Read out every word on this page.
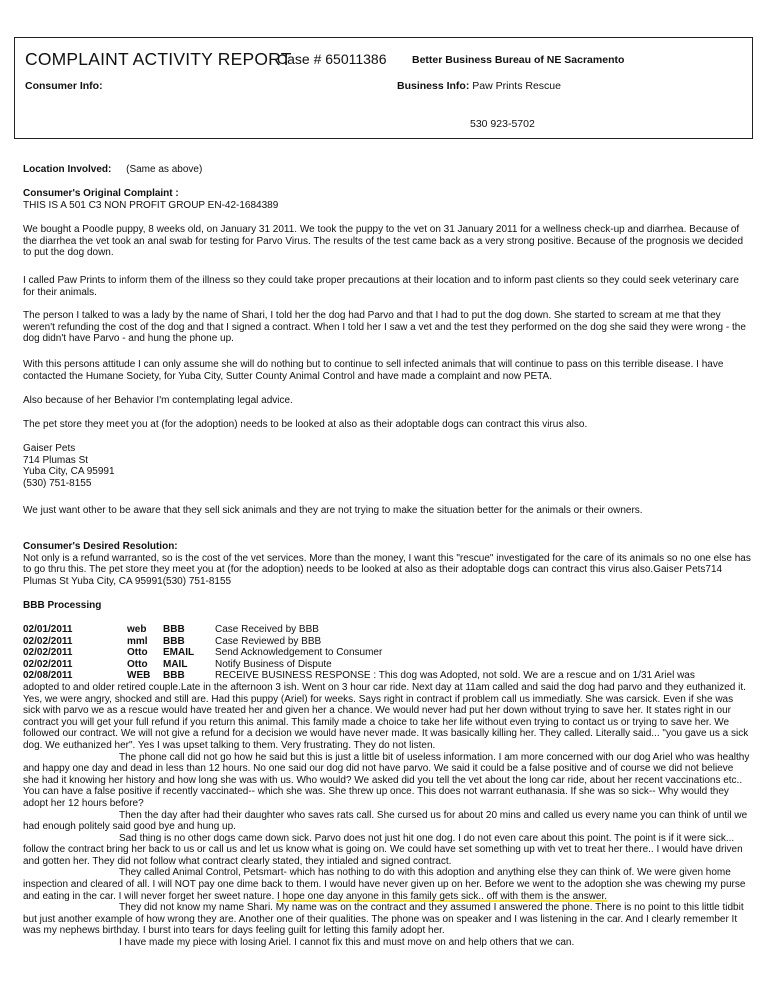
COMPLAINT ACTIVITY REPORT
Case # 65011386 Better Business Bureau of NE Sacramento
Consumer Info:	Business Info: Paw Prints Rescue
530 923-5702
Location Involved: (Same as above)

Consumer's Original Complaint :

THIS IS A 501 C3 NON PROFIT GROUP EN-42-1684389

We bought a Poodle puppy, 8 weeks old, on January 31 2011. We took the puppy to the vet on 31 January 2011 for a wellness check-up and diarrhea. Because of the diarrhea the vet took an anal swab for testing for Parvo Virus. The results of the test came back as a very strong positive. Because of the prognosis we decided to put the dog down.
I called Paw Prints to inform them of the illness so they could take proper precautions at their location and to inform past clients so they could seek veterinary care for their animals.
The person I talked to was a lady by the name of Shari, I told her the dog had Parvo and that I had to put the dog down. She started to scream at me that they weren't refunding the cost of the dog and that I signed a contract. When I told her I saw a vet and the test they performed on the dog she said they were wrong - the dog didn't have Parvo - and hung the phone up.
With this persons attitude I can only assume she will do nothing but to continue to sell infected animals that will continue to pass on this terrible disease. I have contacted the Humane Society, for Yuba City, Sutter County Animal Control and have made a complaint and now PETA.
Also because of her Behavior I'm contemplating legal advice.
The pet store they meet you at (for the adoption) needs to be looked at also as their adoptable dogs can contract this virus also.

Gaiser Pets

714 Plumas St

Yuba City, CA 95991

(530) 751-8155

We just want other to be aware that they sell sick animals and they are not trying to make the situation better for the animals or their owners.

Consumer's Desired Resolution:

Not only is a refund warranted, so is the cost of the vet services. More than the money, I want this "rescue" investigated for the care of its animals so no one else has to go thru this. The pet store they meet you at (for the adoption) needs to be looked at also as their adoptable dogs can contract this virus also.Gaiser Pets714 Plumas St Yuba City, CA 95991(530) 751-8155

BBB Processing
02/01/2011	web	BBB	Case Received by BBB
02/02/2011	mml	BBB	Case Reviewed by BBB
02/02/2011	Otto	EMAIL	Send Acknowledgement to Consumer
02/02/2011	Otto	MAIL	Notify Business of Dispute
02/08/2011	WEB	BBB	RECEIVE BUSINESS RESPONSE : This dog was Adopted, not sold. We are a rescue and on 1/31 Ariel was

adopted to and older retired couple.Late in the afternoon 3 ish. Went on 3 hour car ride. Next day at 11am called and said the dog had parvo and they euthanized it. Yes, we were angry, shocked and still are. Had this puppy (Ariel) for weeks. Says right in contract if problem call us immediatly. She was carsick. Even if she was sick with parvo we as a rescue would have treated her and given her a chance. We would never had put her down without trying to save her. It states right in our contract you will get your full refund if you return this animal. This family made a choice to take her life without even trying to contact us or trying to save her. We followed our contract. We will not give a refund for a decision we would have never made. It was basically killing her. They called. Literally said... "you gave us a sick dog. We euthanized her". Yes I was upset talking to them. Very frustrating. They do not listen.

The phone call did not go how he said but this is just a little bit of useless information. I am more concerned with our dog Ariel who was healthy and happy one day and dead in less than 12 hours. No one said our dog did not have parvo. We said it could be a false positive and of course we did not believe she had it knowing her history and how long she was with us. Who would? We asked did you tell the vet about the long car ride, about her recent vaccinations etc.. You can have a false positive if recently vaccinated-- which she was. She threw up once. This does not warrant euthanasia. If she was so sick-- Why would they adopt her 12 hours before?

Then the day after had their daughter who saves rats call. She cursed us for about 20 mins and called us every name you can think of until we had enough politely said good bye and hung up.

Sad thing is no other dogs came down sick. Parvo does not just hit one dog. I do not even care about this point. The point is if it were sick... follow the contract bring her back to us or call us and let us know what is going on. We could have set something up with vet to treat her there.. I would have driven and gotten her. They did not follow what contract clearly stated, they intialed and signed contract.

They called Animal Control, Petsmart- which has nothing to do with this adoption and anything else they can think of. We were given home inspection and cleared of all. I will NOT pay one dime back to them. I would have never given up on her. Before we went to the adoption she was chewing my purse and eating in the car. I will never forget her sweet nature. I hope one day anyone in this family gets sick.. off with them is the answer.

They did not know my name Shari. My name was on the contract and they assumed I answered the phone. There is no point to this little tidbit but just another example of how wrong they are. Another one of their qualities. The phone was on speaker and I was listening in the car. And I clearly remember It was my nephews birthday. I burst into tears for days feeling guilt for letting this family adopt her.

I have made my piece with losing Ariel. I cannot fix this and must move on and help others that we can.
